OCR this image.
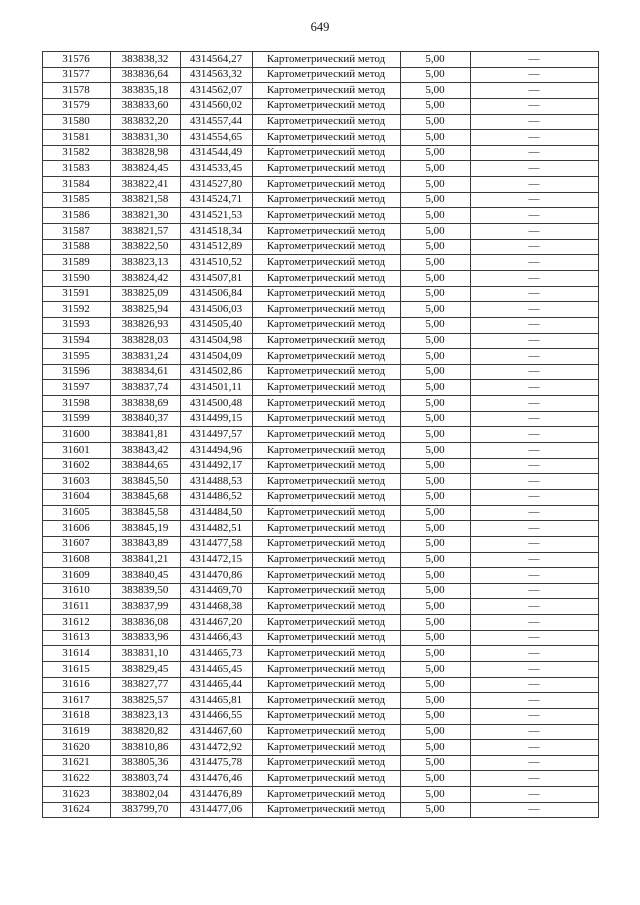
649
31576	383838,32	4314564,27	Картометрический метод	5,00	—
31577	383836,64	4314563,32	Картометрический метод	5,00	—
31578	383835,18	4314562,07	Картометрический метод	5,00	—
31579	383833,60	4314560,02	Картометрический метод	5,00	—
31580	383832,20	4314557,44	Картометрический метод	5,00	—
31581	383831,30	4314554,65	Картометрический метод	5,00	—
31582	383828,98	4314544,49	Картометрический метод	5,00	—
31583	383824,45	4314533,45	Картометрический метод	5,00	—
31584	383822,41	4314527,80	Картометрический метод	5,00	—
31585	383821,58	4314524,71	Картометрический метод	5,00	—
31586	383821,30	4314521,53	Картометрический метод	5,00	—
31587	383821,57	4314518,34	Картометрический метод	5,00	—
31588	383822,50	4314512,89	Картометрический метод	5,00	—
31589	383823,13	4314510,52	Картометрический метод	5,00	—
31590	383824,42	4314507,81	Картометрический метод	5,00	—
31591	383825,09	4314506,84	Картометрический метод	5,00	—
31592	383825,94	4314506,03	Картометрический метод	5,00	—
31593	383826,93	4314505,40	Картометрический метод	5,00	—
31594	383828,03	4314504,98	Картометрический метод	5,00	—
31595	383831,24	4314504,09	Картометрический метод	5,00	—
31596	383834,61	4314502,86	Картометрический метод	5,00	—
31597	383837,74	4314501,11	Картометрический метод	5,00	—
31598	383838,69	4314500,48	Картометрический метод	5,00	—
31599	383840,37	4314499,15	Картометрический метод	5,00	—
31600	383841,81	4314497,57	Картометрический метод	5,00	—
31601	383843,42	4314494,96	Картометрический метод	5,00	—
31602	383844,65	4314492,17	Картометрический метод	5,00	—
31603	383845,50	4314488,53	Картометрический метод	5,00	—
31604	383845,68	4314486,52	Картометрический метод	5,00	—
31605	383845,58	4314484,50	Картометрический метод	5,00	—
31606	383845,19	4314482,51	Картометрический метод	5,00	—
31607	383843,89	4314477,58	Картометрический метод	5,00	—
31608	383841,21	4314472,15	Картометрический метод	5,00	—
31609	383840,45	4314470,86	Картометрический метод	5,00	—
31610	383839,50	4314469,70	Картометрический метод	5,00	—
31611	383837,99	4314468,38	Картометрический метод	5,00	—
31612	383836,08	4314467,20	Картометрический метод	5,00	—
31613	383833,96	4314466,43	Картометрический метод	5,00	—
31614	383831,10	4314465,73	Картометрический метод	5,00	—
31615	383829,45	4314465,45	Картометрический метод	5,00	—
31616	383827,77	4314465,44	Картометрический метод	5,00	—
31617	383825,57	4314465,81	Картометрический метод	5,00	—
31618	383823,13	4314466,55	Картометрический метод	5,00	—
31619	383820,82	4314467,60	Картометрический метод	5,00	—
31620	383810,86	4314472,92	Картометрический метод	5,00	—
31621	383805,36	4314475,78	Картометрический метод	5,00	—
31622	383803,74	4314476,46	Картометрический метод	5,00	—
31623	383802,04	4314476,89	Картометрический метод	5,00	—
31624	383799,70	4314477,06	Картометрический метод	5,00	—
